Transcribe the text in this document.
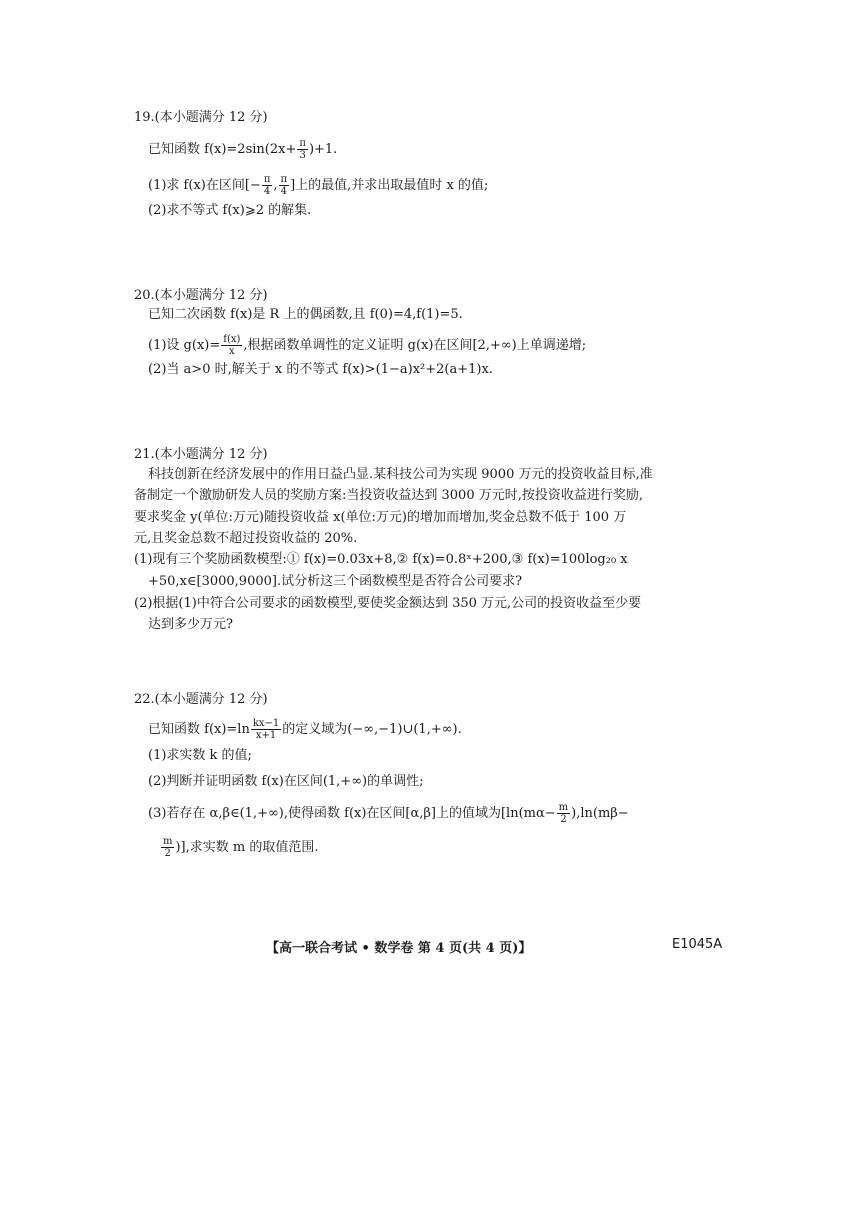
19.(本小题满分 12 分)
已知函数 $f(x)=2\sin(2x+ \frac{\pi}{3} )+1$.
(1)求 f(x)在区间[− $\frac{\pi}{4}$ , $\frac{\pi}{4}$ ]上的最值,并求出取最值时 x 的值;
(2)求不等式 f(x)⩾2 的解集.
20.(本小题满分 12 分)
已知二次函数 f(x)是 R 上的偶函数,且 f(0)=4,f(1)=5.
(1)设 $g(x)= \frac{f(x)}{x}$ ,根据函数单调性的定义证明 g(x)在区间[2,+∞)上单调递增;
(2)当 a>0 时,解关于 x 的不等式 f(x)>(1−a)x²+2(a+1)x.
21.(本小题满分 12 分)
科技创新在经济发展中的作用日益凸显.某科技公司为实现 9000 万元的投资收益目标,准
备制定一个激励研发人员的奖励方案:当投资收益达到 3000 万元时,按投资收益进行奖励,
要求奖金 y(单位:万元)随投资收益 x(单位:万元)的增加而增加,奖金总数不低于 100 万
元,且奖金总数不超过投资收益的 20%.
(1)现有三个奖励函数模型:① f(x)=0.03x+8,② f(x)=0.8ˣ+200,③ f(x)=100log₂₀ x
+50,x∈[3000,9000].试分析这三个函数模型是否符合公司要求?
(2)根据(1)中符合公司要求的函数模型,要使奖金额达到 350 万元,公司的投资收益至少要
达到多少万元?
22.(本小题满分 12 分)
已知函数 $f(x)=\ln \frac{kx-1}{x+1}$ 的定义域为(−∞,−1)∪(1,+∞).
(1)求实数 k 的值;
(2)判断并证明函数 f(x)在区间(1,+∞)的单调性;
(3)若存在 α,β∈(1,+∞),使得函数 f(x)在区间[α,β]上的值域为[$\ln(m\alpha- \frac{m}{2} ),\ln(m\beta-$
$\frac{m}{2}$ )],求实数 m 的取值范围.
【高一联合考试 • 数学卷 第 4 页(共 4 页)】	E1045A
